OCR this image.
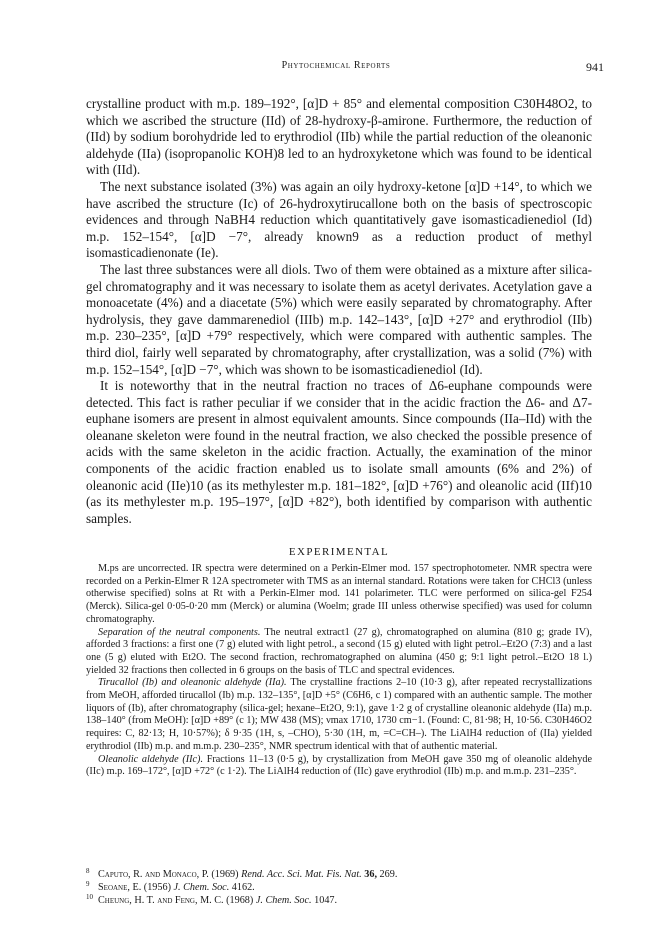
Phytochemical Reports	941

crystalline product with m.p. 189–192°, [α]D + 85° and elemental composition C30H48O2, to which we ascribed the structure (IId) of 28-hydroxy-β-amirone. Furthermore, the reduction of (IId) by sodium borohydride led to erythrodiol (IIb) while the partial reduction of the oleanonic aldehyde (IIa) (isopropanolic KOH)8 led to an hydroxyketone which was found to be identical with (IId).

The next substance isolated (3%) was again an oily hydroxy-ketone [α]D +14°, to which we have ascribed the structure (Ic) of 26-hydroxytirucallone both on the basis of spectroscopic evidences and through NaBH4 reduction which quantitatively gave isomasticadienediol (Id) m.p. 152–154°, [α]D −7°, already known9 as a reduction product of methyl isomasticadienonate (Ie).

The last three substances were all diols. Two of them were obtained as a mixture after silica-gel chromatography and it was necessary to isolate them as acetyl derivates. Acetylation gave a monoacetate (4%) and a diacetate (5%) which were easily separated by chromatography. After hydrolysis, they gave dammarenediol (IIIb) m.p. 142–143°, [α]D +27° and erythrodiol (IIb) m.p. 230–235°, [α]D +79° respectively, which were compared with authentic samples. The third diol, fairly well separated by chromatography, after crystallization, was a solid (7%) with m.p. 152–154°, [α]D −7°, which was shown to be isomasticadienediol (Id).

It is noteworthy that in the neutral fraction no traces of Δ6-euphane compounds were detected. This fact is rather peculiar if we consider that in the acidic fraction the Δ6- and Δ7-euphane isomers are present in almost equivalent amounts. Since compounds (IIa–IId) with the oleanane skeleton were found in the neutral fraction, we also checked the possible presence of acids with the same skeleton in the acidic fraction. Actually, the examination of the minor components of the acidic fraction enabled us to isolate small amounts (6% and 2%) of oleanonic acid (IIe)10 (as its methylester m.p. 181–182°, [α]D +76°) and oleanolic acid (IIf)10 (as its methylester m.p. 195–197°, [α]D +82°), both identified by comparison with authentic samples.

EXPERIMENTAL

M.ps are uncorrected. IR spectra were determined on a Perkin-Elmer mod. 157 spectrophotometer. NMR spectra were recorded on a Perkin-Elmer R 12A spectrometer with TMS as an internal standard. Rotations were taken for CHCl3 (unless otherwise specified) solns at Rt with a Perkin-Elmer mod. 141 polarimeter. TLC were performed on silica-gel F254 (Merck). Silica-gel 0·05-0·20 mm (Merck) or alumina (Woelm; grade III unless otherwise specified) was used for column chromatography.

Separation of the neutral components. The neutral extract1 (27 g), chromatographed on alumina (810 g; grade IV), afforded 3 fractions: a first one (7 g) eluted with light petrol., a second (15 g) eluted with light petrol.–Et2O (7:3) and a last one (5 g) eluted with Et2O. The second fraction, rechromatographed on alumina (450 g; 9:1 light petrol.–Et2O 18 l.) yielded 32 fractions then collected in 6 groups on the basis of TLC and spectral evidences.

Tirucallol (Ib) and oleanonic aldehyde (IIa). The crystalline fractions 2–10 (10·3 g), after repeated recrystallizations from MeOH, afforded tirucallol (Ib) m.p. 132–135°, [α]D +5° (C6H6, c 1) compared with an authentic sample. The mother liquors of (Ib), after chromatography (silica-gel; hexane–Et2O, 9:1), gave 1·2 g of crystalline oleanonic aldehyde (IIa) m.p. 138–140° (from MeOH): [α]D +89° (c 1); MW 438 (MS); νmax 1710, 1730 cm−1. (Found: C, 81·98; H, 10·56. C30H46O2 requires: C, 82·13; H, 10·57%); δ 9·35 (1H, s, –CHO), 5·30 (1H, m, =C=CH–). The LiAlH4 reduction of (IIa) yielded erythrodiol (IIb) m.p. and m.m.p. 230–235°, NMR spectrum identical with that of authentic material.

Oleanolic aldehyde (IIc). Fractions 11–13 (0·5 g), by crystallization from MeOH gave 350 mg of oleanolic aldehyde (IIc) m.p. 169–172°, [α]D +72° (c 1·2). The LiAlH4 reduction of (IIc) gave erythrodiol (IIb) m.p. and m.m.p. 231–235°.

8 Caputo, R. and Monaco, P. (1969) Rend. Acc. Sci. Mat. Fis. Nat. 36, 269.

9 Seoane, E. (1956) J. Chem. Soc. 4162.

10 Cheung, H. T. and Feng, M. C. (1968) J. Chem. Soc. 1047.
